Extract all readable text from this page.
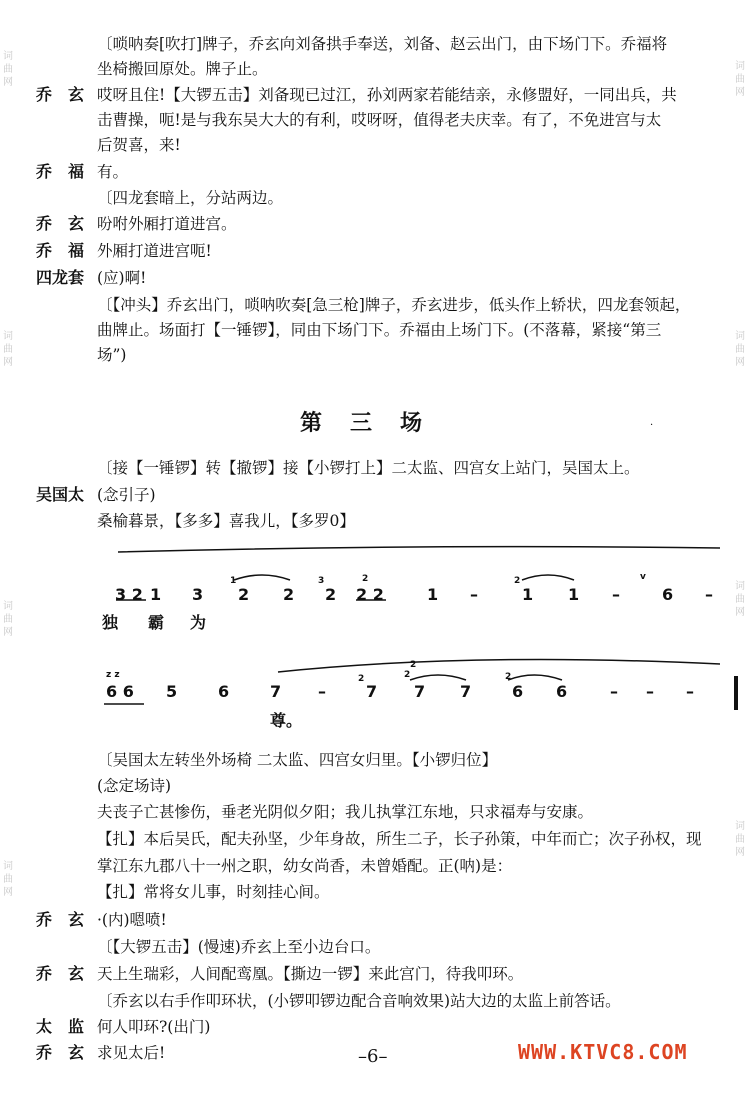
词
曲
网
词
曲
网
词
曲
网
词
曲
网
词
曲
网
词
曲
网
词
曲
网
词
曲
网
〔唢呐奏[吹打]牌子，乔玄向刘备拱手奉送，刘备、赵云出门，由下场门下。乔福将
坐椅搬回原处。牌子止。
乔　玄 哎呀且住!【大锣五击】刘备现已过江，孙刘两家若能结亲，永修盟好，一同出兵，共
击曹操，呃!是与我东吴大大的有利，哎呀呀，值得老夫庆幸。有了，不免进宫与太
后贺喜，来!
乔　福 有。
〔四龙套暗上，分站两边。
乔　玄 吩咐外厢打道进宫。
乔　福 外厢打道进宫呃!
四龙套 (应)啊!
〔【冲头】乔玄出门，唢呐吹奏[急三枪]牌子，乔玄进步，低头作上轿状，四龙套领起，
曲牌止。场面打【一锤锣】，同由下场门下。乔福由上场门下。(不落幕，紧接“第三
场”)
第三场	·
〔接【一锤锣】转【撤锣】接【小锣打上】二太监、四宫女上站门，吴国太上。
吴国太 (念引子)
桑榆暮景，【多多】喜我儿，【多罗0】
3 2 1 3 2 2 2 2 2	1 –	1 1 –	6 –
1	3	2	2	v
独 霸 为
6 6 5	6	7 –	7 7 7	6 6	– – –
2	2
2
2
z z
尊。
〔吴国太左转坐外场椅 二太监、四宫女归里。【小锣归位】
(念定场诗)
夫丧子亡甚惨伤，垂老光阴似夕阳；我儿执掌江东地，只求福寿与安康。
【扎】本后吴氏，配夫孙坚，少年身故，所生二子，长子孙策，中年而亡；次子孙权，现
掌江东九郡八十一州之职，幼女尚香，未曾婚配。正(呐)是：
【扎】常将女儿事，时刻挂心间。
乔　玄 ·(内)嗯喷!
〔【大锣五击】(慢速)乔玄上至小边台口。
乔　玄 天上生瑞彩，人间配鸾凰。【撕边一锣】来此宫门，待我叩环。
〔乔玄以右手作叩环状，(小锣叩锣边配合音响效果)站大边的太监上前答话。
太　监 何人叩环?(出门)
乔　玄 求见太后!	–6–	WWW.KTVC8.COM
